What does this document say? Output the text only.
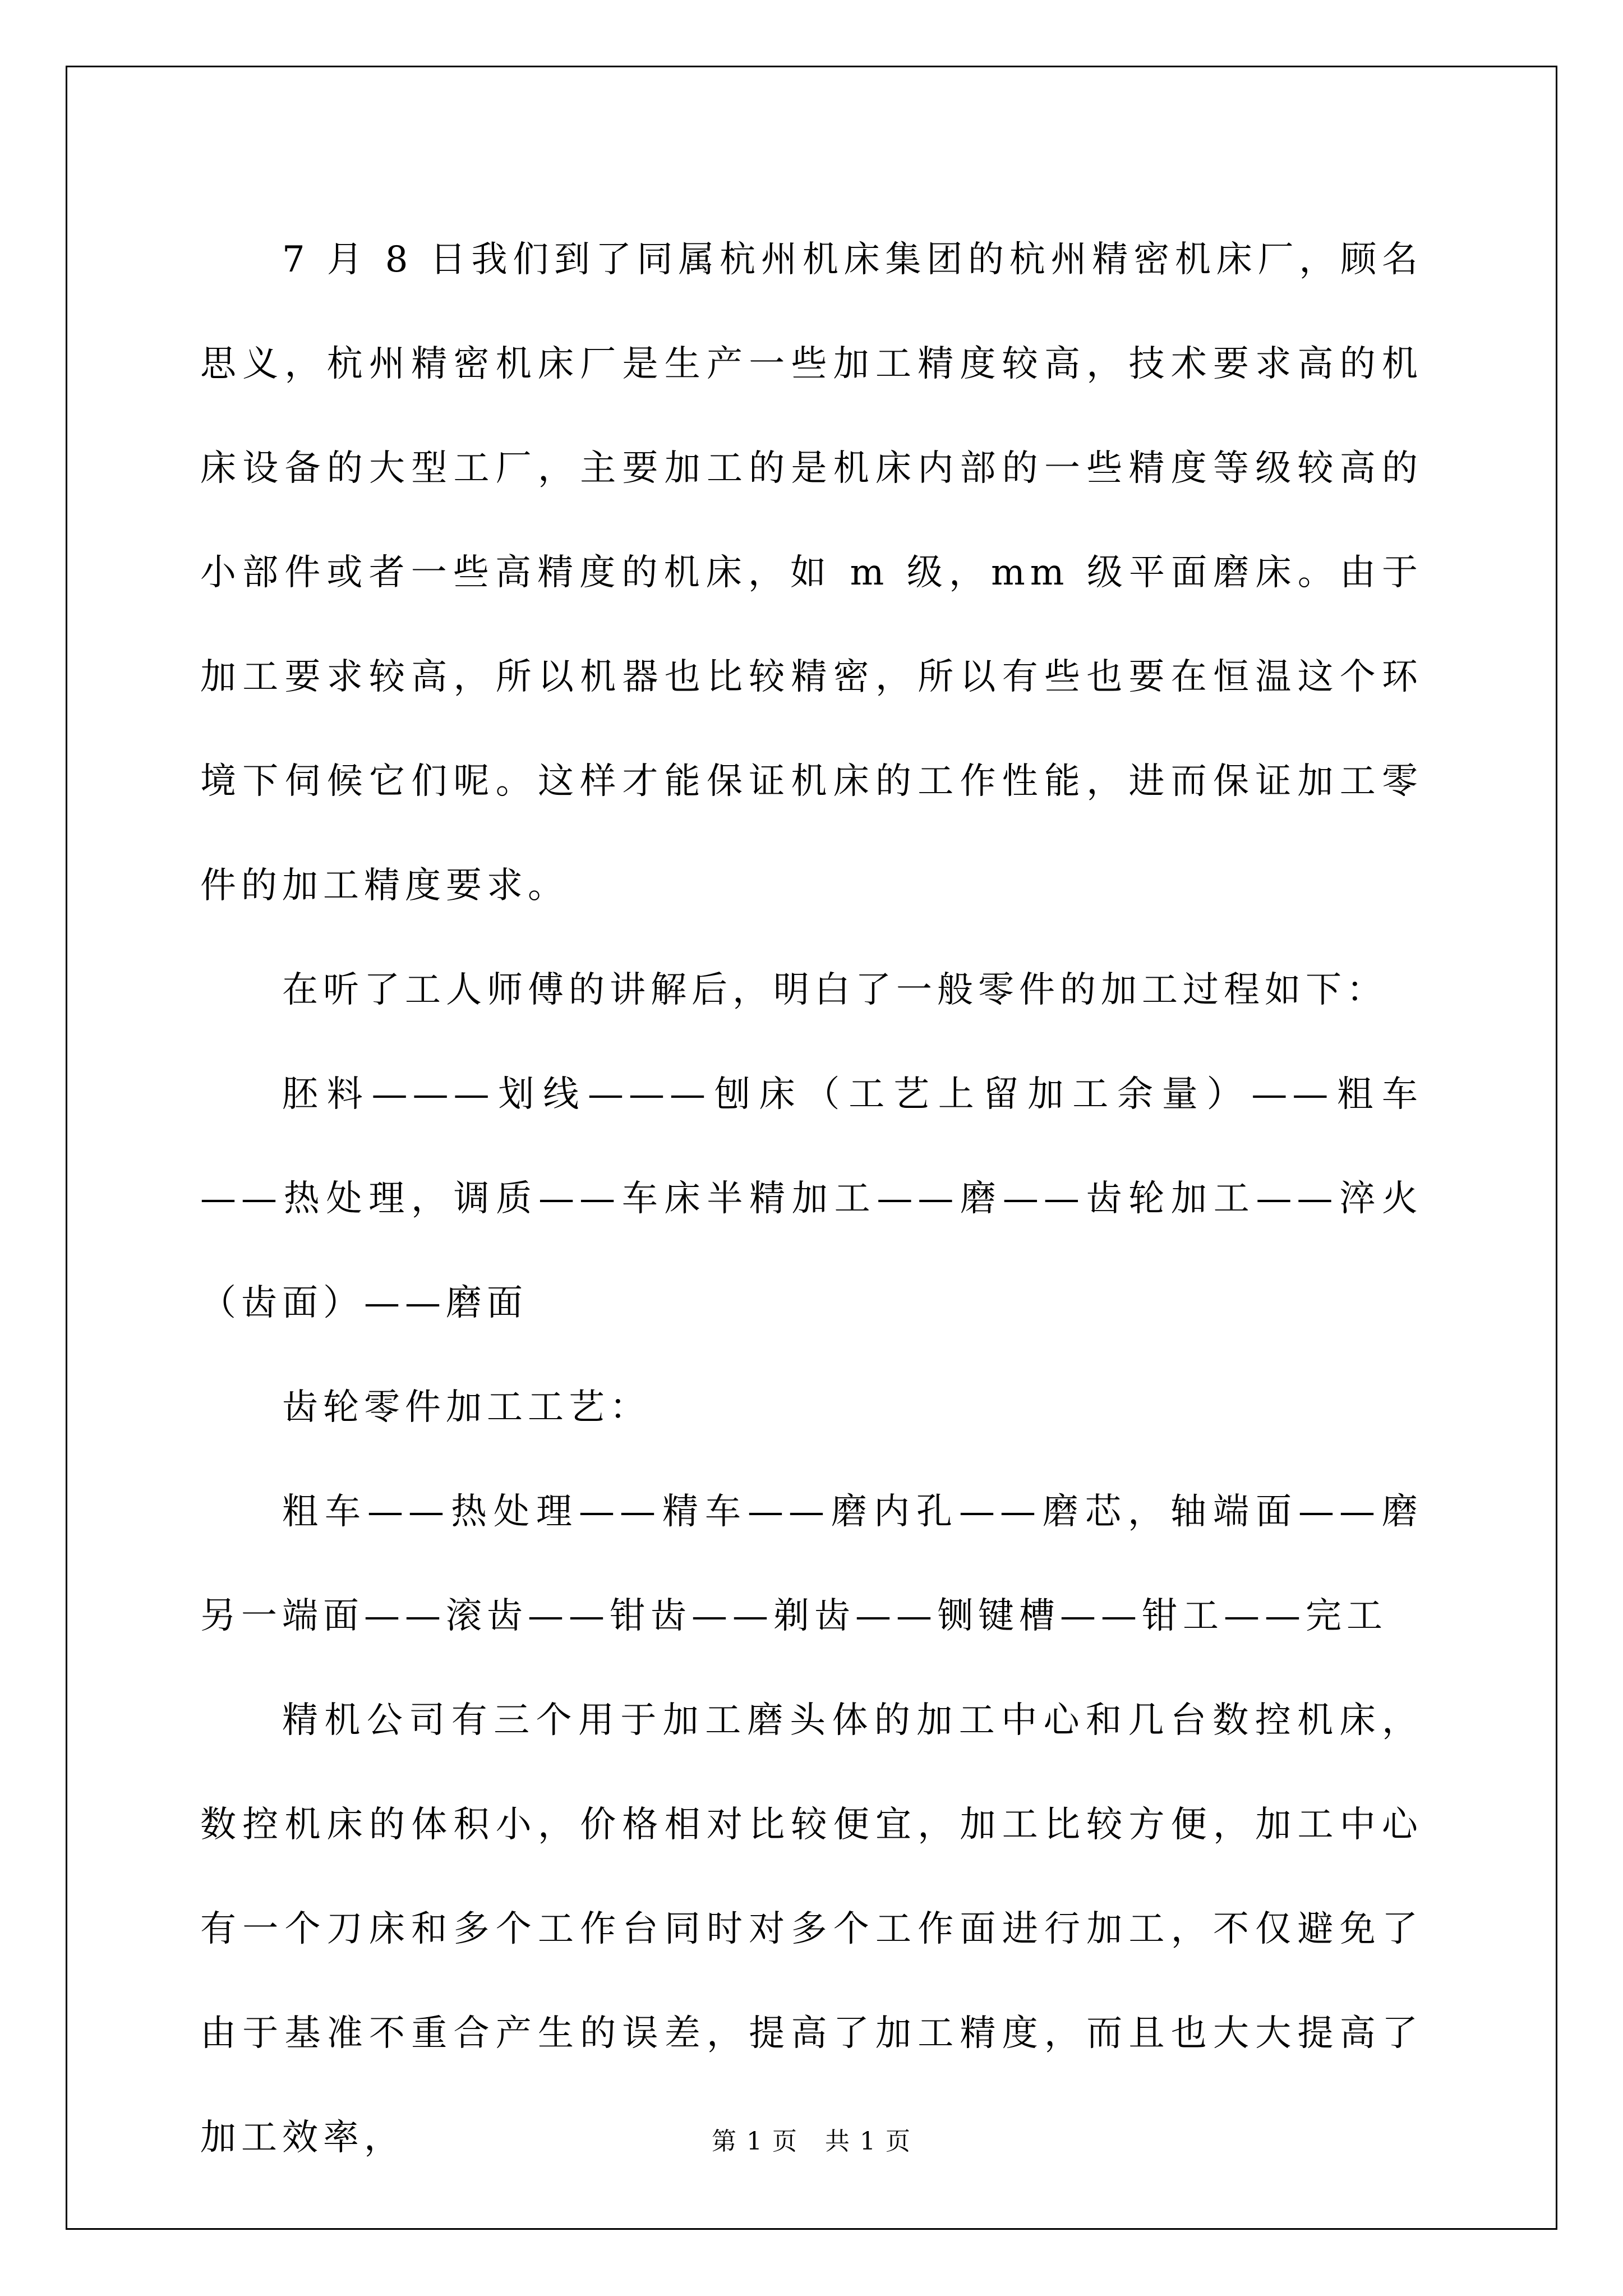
7 月 8 日我们到了同属杭州机床集团的杭州精密机床厂，顾名思义，杭州精密机床厂是生产一些加工精度较高，技术要求高的机床设备的大型工厂，主要加工的是机床内部的一些精度等级较高的小部件或者一些高精度的机床，如 m 级，mm 级平面磨床。由于加工要求较高，所以机器也比较精密，所以有些也要在恒温这个环境下伺候它们呢。这样才能保证机床的工作性能，进而保证加工零件的加工精度要求。

在听了工人师傅的讲解后，明白了一般零件的加工过程如下：

胚料———划线———刨床（工艺上留加工余量）——粗车——热处理，调质——车床半精加工——磨——齿轮加工——淬火（齿面）——磨面

齿轮零件加工工艺：

粗车——热处理——精车——磨内孔——磨芯，轴端面——磨另一端面——滚齿——钳齿——剃齿——铡键槽——钳工——完工

精机公司有三个用于加工磨头体的加工中心和几台数控机床，数控机床的体积小，价格相对比较便宜，加工比较方便，加工中心有一个刀床和多个工作台同时对多个工作面进行加工，不仅避免了由于基准不重合产生的误差，提高了加工精度，而且也大大提高了加工效率，	第 1 页 共 1 页
